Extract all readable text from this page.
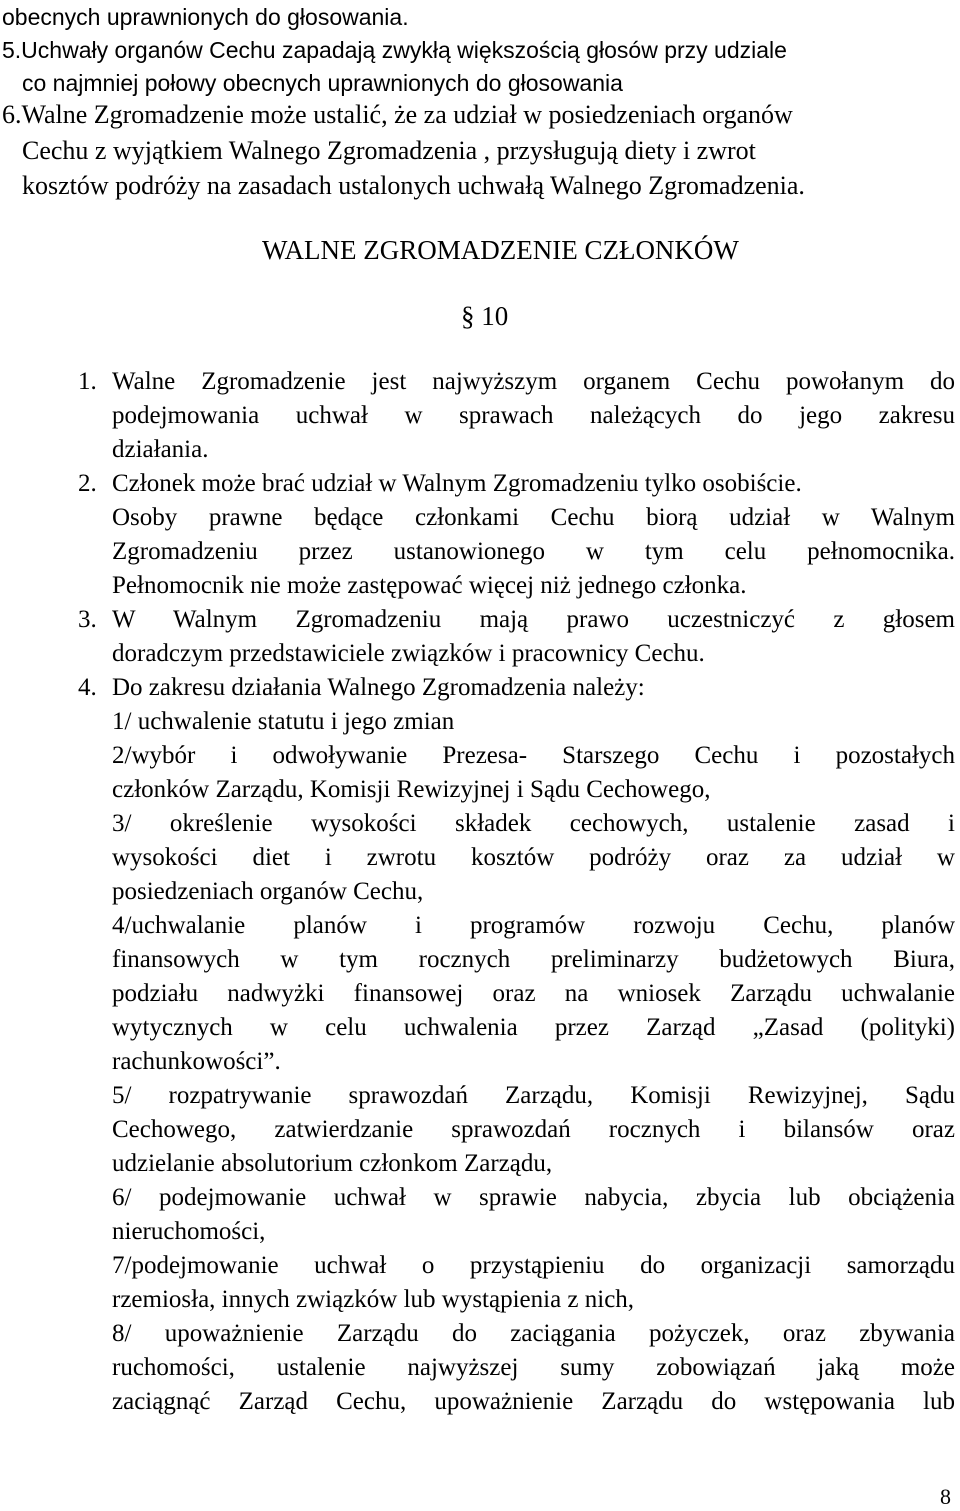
obecnych uprawnionych do głosowania.
5.Uchwały organów Cechu zapadają zwykłą większością głosów przy udziale
co najmniej połowy obecnych uprawnionych do głosowania
6.Walne Zgromadzenie może ustalić, że za udział w posiedzeniach organów
Cechu z wyjątkiem Walnego Zgromadzenia , przysługują diety i zwrot
kosztów podróży na zasadach ustalonych uchwałą Walnego Zgromadzenia.
WALNE ZGROMADZENIE CZŁONKÓW
§ 10
1.
2.
3.
4.
Walne Zgromadzenie jest najwyższym organem Cechu powołanym do
podejmowania uchwał w sprawach należących do jego zakresu
działania.
Członek może brać udział w Walnym Zgromadzeniu tylko osobiście.
Osoby prawne będące członkami Cechu biorą udział w Walnym
Zgromadzeniu przez ustanowionego w tym celu pełnomocnika.
Pełnomocnik nie może zastępować więcej niż jednego członka.
W Walnym Zgromadzeniu mają prawo uczestniczyć z głosem
doradczym przedstawiciele związków i pracownicy Cechu.
Do zakresu działania Walnego Zgromadzenia należy:
1/ uchwalenie statutu i jego zmian
2/wybór i odwoływanie Prezesa- Starszego Cechu i pozostałych
członków Zarządu, Komisji Rewizyjnej i Sądu Cechowego,
3/ określenie wysokości składek cechowych, ustalenie zasad i
wysokości diet i zwrotu kosztów podróży oraz za udział w
posiedzeniach organów Cechu,
4/uchwalanie planów i programów rozwoju Cechu, planów
finansowych w tym rocznych preliminarzy budżetowych Biura,
podziału nadwyżki finansowej oraz na wniosek Zarządu uchwalanie
wytycznych w celu uchwalenia przez Zarząd „Zasad (polityki)
rachunkowości”.
5/ rozpatrywanie sprawozdań Zarządu, Komisji Rewizyjnej, Sądu
Cechowego, zatwierdzanie sprawozdań rocznych i bilansów oraz
udzielanie absolutorium członkom Zarządu,
6/ podejmowanie uchwał w sprawie nabycia, zbycia lub obciążenia
nieruchomości,
7/podejmowanie uchwał o przystąpieniu do organizacji samorządu
rzemiosła, innych związków lub wystąpienia z nich,
8/ upoważnienie Zarządu do zaciągania pożyczek, oraz zbywania
ruchomości, ustalenie najwyższej sumy zobowiązań jaką może
zaciągnąć Zarząd Cechu, upoważnienie Zarządu do wstępowania lub
8
